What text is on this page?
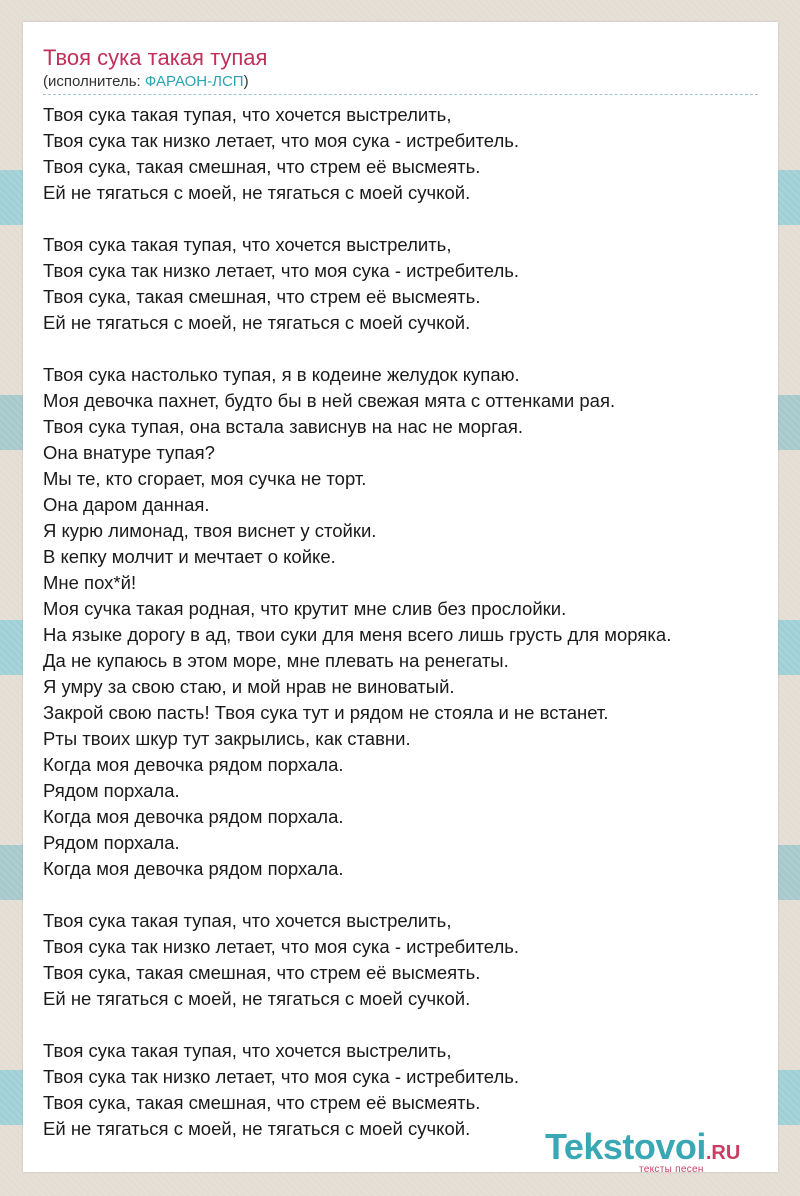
Твоя сука такая тупая
(исполнитель: ФАРАОН-ЛСП)
Твоя сука такая тупая, что хочется выстрелить,
Твоя сука так низко летает, что моя сука - истребитель.
Твоя сука, такая смешная, что стрем её высмеять.
Ей не тягаться с моей, не тягаться с моей сучкой.
Твоя сука такая тупая, что хочется выстрелить,
Твоя сука так низко летает, что моя сука - истребитель.
Твоя сука, такая смешная, что стрем её высмеять.
Ей не тягаться с моей, не тягаться с моей сучкой.
Твоя сука настолько тупая, я в кодеине желудок купаю.
Моя девочка пахнет, будто бы в ней свежая мята с оттенками рая.
Твоя сука тупая, она встала зависнув на нас не моргая.
Она внатуре тупая?
Мы те, кто сгорает, моя сучка не торт.
Она даром данная.
Я курю лимонад, твоя виснет у стойки.
В кепку молчит и мечтает о койке.
Мне пох*й!
Моя сучка такая родная, что крутит мне слив без прослойки.
На языке дорогу в ад, твои суки для меня всего лишь грусть для моряка.
Да не купаюсь в этом море, мне плевать на ренегаты.
Я умру за свою стаю, и мой нрав не виноватый.
Закрой свою пасть! Твоя сука тут и рядом не стояла и не встанет.
Рты твоих шкур тут закрылись, как ставни.
Когда моя девочка рядом порхала.
Рядом порхала.
Когда моя девочка рядом порхала.
Рядом порхала.
Когда моя девочка рядом порхала.
Твоя сука такая тупая, что хочется выстрелить,
Твоя сука так низко летает, что моя сука - истребитель.
Твоя сука, такая смешная, что стрем её высмеять.
Ей не тягаться с моей, не тягаться с моей сучкой.
Твоя сука такая тупая, что хочется выстрелить,
Твоя сука так низко летает, что моя сука - истребитель.
Твоя сука, такая смешная, что стрем её высмеять.
Ей не тягаться с моей, не тягаться с моей сучкой.	Tekstovoi.RU
тексты песен
